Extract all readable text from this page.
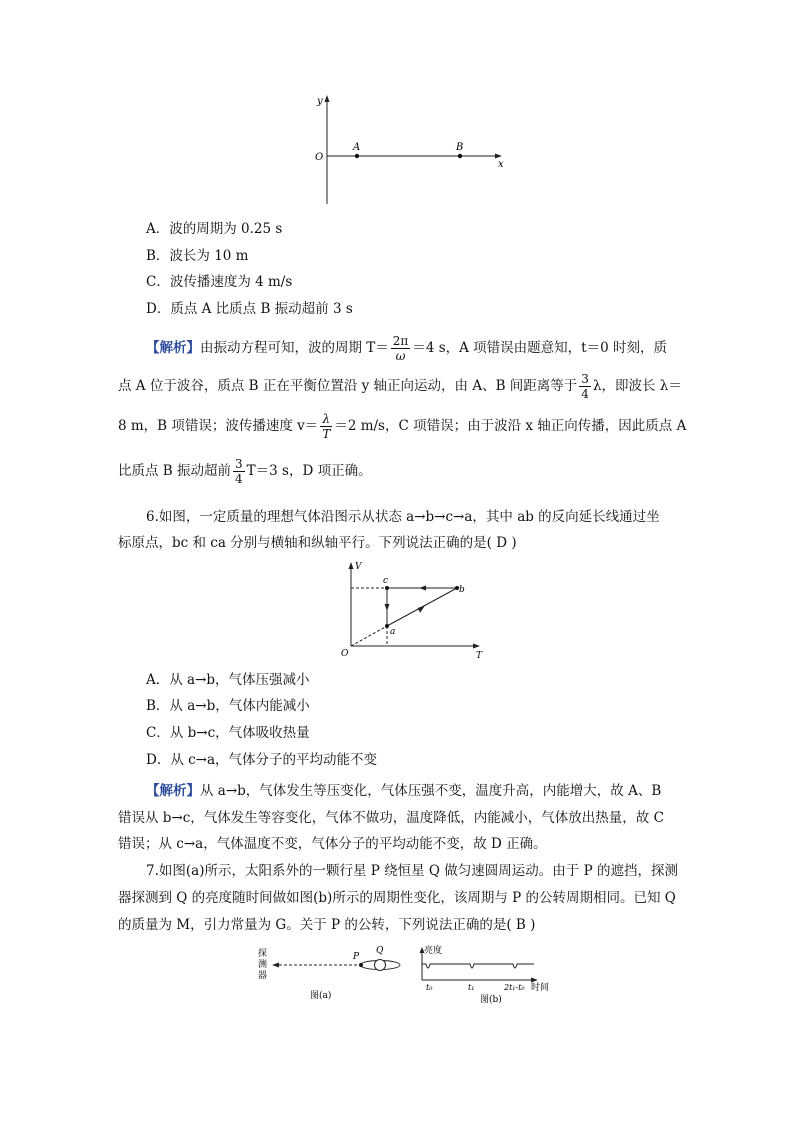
y
x
O
A	B
A．波的周期为 0.25 s
B．波长为 10 m
C．波传播速度为 4 m/s
D．质点 A 比质点 B 振动超前 3 s
【解析】由振动方程可知，波的周期 $T= \frac{2\pi}{\omega} =4$ s，A 项错误由题意知，t＝0 时刻，质
点 A 位于波谷，质点 B 正在平衡位置沿 y 轴正向运动，由 A、B 间距离等于 $\frac{3}{4}$ λ，即波长 λ＝
8 m，B 项错误；波传播速度 $v= \frac{\lambda}{T} =2$ m/s，C 项错误；由于波沿 x 轴正向传播，因此质点 A
比质点 B 振动超前 $\frac{3}{4} T=3$ s，D 项正确。
6.如图，一定质量的理想气体沿图示从状态 a→b→c→a，其中 ab 的反向延长线通过坐
标原点，bc 和 ca 分别与横轴和纵轴平行。下列说法正确的是( D )
V
T
O
a
b
c
A．从 a→b，气体压强减小
B．从 a→b，气体内能减小
C．从 b→c，气体吸收热量
D．从 c→a，气体分子的平均动能不变
【解析】从 a→b，气体发生等压变化，气体压强不变，温度升高，内能增大，故 A、B
错误从 b→c，气体发生等容变化，气体不做功，温度降低，内能减小，气体放出热量，故 C
错误；从 c→a，气体温度不变，气体分子的平均动能不变，故 D 正确。
7.如图(a)所示，太阳系外的一颗行星 P 绕恒星 Q 做匀速圆周运动。由于 P 的遮挡，探测
器探测到 Q 的亮度随时间做如图(b)所示的周期性变化，该周期与 P 的公转周期相同。已知 Q
的质量为 M，引力常量为 G。关于 P 的公转，下列说法正确的是( B )
探测器
P
Q
图(a)
亮度
t₀	t₁	2t₁-t₀ 时间
图(b)
